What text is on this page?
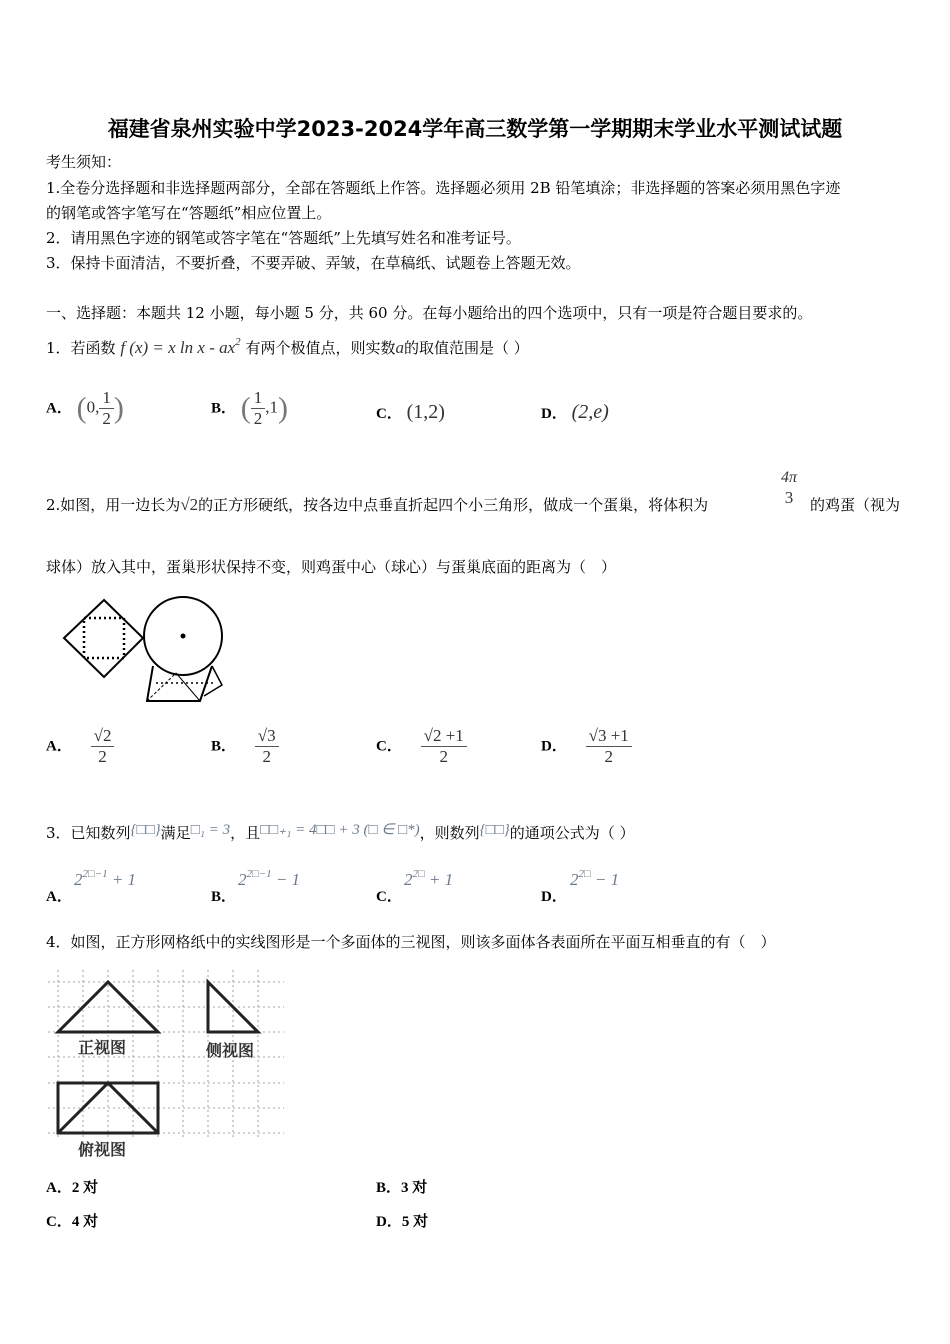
福建省泉州实验中学2023-2024学年高三数学第一学期期末学业水平测试试题
考生须知：
1.全卷分选择题和非选择题两部分，全部在答题纸上作答。选择题必须用 2B 铅笔填涂；非选择题的答案必须用黑色字迹
的钢笔或答字笔写在“答题纸”相应位置上。
2．请用黑色字迹的钢笔或答字笔在“答题纸”上先填写姓名和准考证号。
3．保持卡面清洁，不要折叠，不要弄破、弄皱，在草稿纸、试题卷上答题无效。
一、选择题：本题共 12 小题，每小题 5 分，共 60 分。在每小题给出的四个选项中，只有一项是符合题目要求的。
1．若函数 f (x) = x ln x - $ax^2$ 有两个极值点，则实数a的取值范围是（ ）
A． (0, $\frac{1}{2}$ )	B． ( $\frac{1}{2} ,1$)	C． (1,2)	D． (2,e)
2.如图，用一边长为√2的正方形硬纸，按各边中点垂直折起四个小三角形，做成一个蛋巢，将体积为
4π
3	的鸡蛋（视为
球体）放入其中，蛋巢形状保持不变，则鸡蛋中心（球心）与蛋巢底面的距离为（　）
A． $\frac{√2}{2}$	B． $\frac{√3}{2}$	C． $\frac{√2 +1}{2}$	D． $\frac{√3 +1}{2}$
3．已知数列{□□}满足□₁ = 3，且□□₊₁ = 4□□ + 3 (□ ∈ □*)，则数列{□□}的通项公式为（ ）
A．
$2^{2□-1} + 1$
B．
$2^{2□-1} - 1$
C．
$2^{2□} + 1$
D．
$2^{2□} - 1$
4．如图，正方形网格纸中的实线图形是一个多面体的三视图，则该多面体各表面所在平面互相垂直的有（　）
正视图	侧视图
俯视图
A．2 对	B．3 对
C．4 对	D．5 对
